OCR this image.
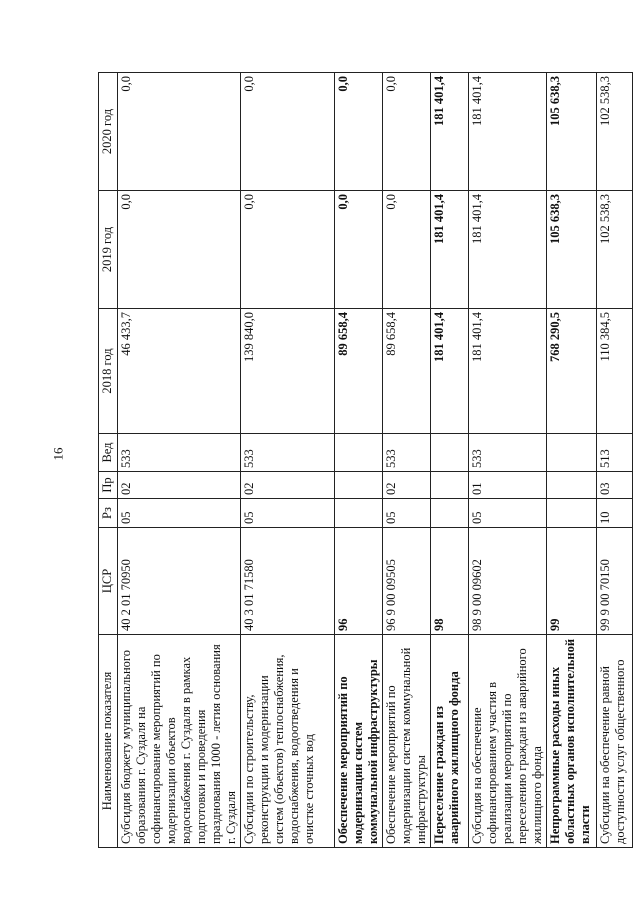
16
Наименование показателя	ЦСР	Рз	Пр	Вед	2018 год	2019 год	2020 год
Субсидия бюджету муниципального образования г. Суздаля на софинансирование мероприятий по модернизации объектов водоснабжения г. Суздаля в рамках подготовки и проведения празднования 1000 - летия основания г. Суздаля	40 2 01 70950	05	02	533	46 433,7	0,0	0,0
Субсидии по строительству, реконструкции и модернизации систем (объектов) теплоснабжения, водоснабжения, водоотведения и очистке сточных вод	40 3 01 71580	05	02	533	139 840,0	0,0	0,0
Обеспечение мероприятий по модернизации систем коммунальной инфраструктуры	96				89 658,4	0,0	0,0
Обеспечение мероприятий по модернизации систем коммунальной инфраструктуры	96 9 00 09505	05	02	533	89 658,4	0,0	0,0
Переселение граждан из аварийного жилищного фонда	98				181 401,4	181 401,4	181 401,4
Субсидия на обеспечение софинансированием участия в реализации мероприятий по переселению граждан из аварийного жилищного фонда	98 9 00 09602	05	01	533	181 401,4	181 401,4	181 401,4
Непрограммные расходы иных областных органов исполнительной власти	99				768 290,5	105 638,3	105 638,3
Субсидии на обеспечение равной доступности услуг общественного	99 9 00 70150	10	03	513	110 384,5	102 538,3	102 538,3
